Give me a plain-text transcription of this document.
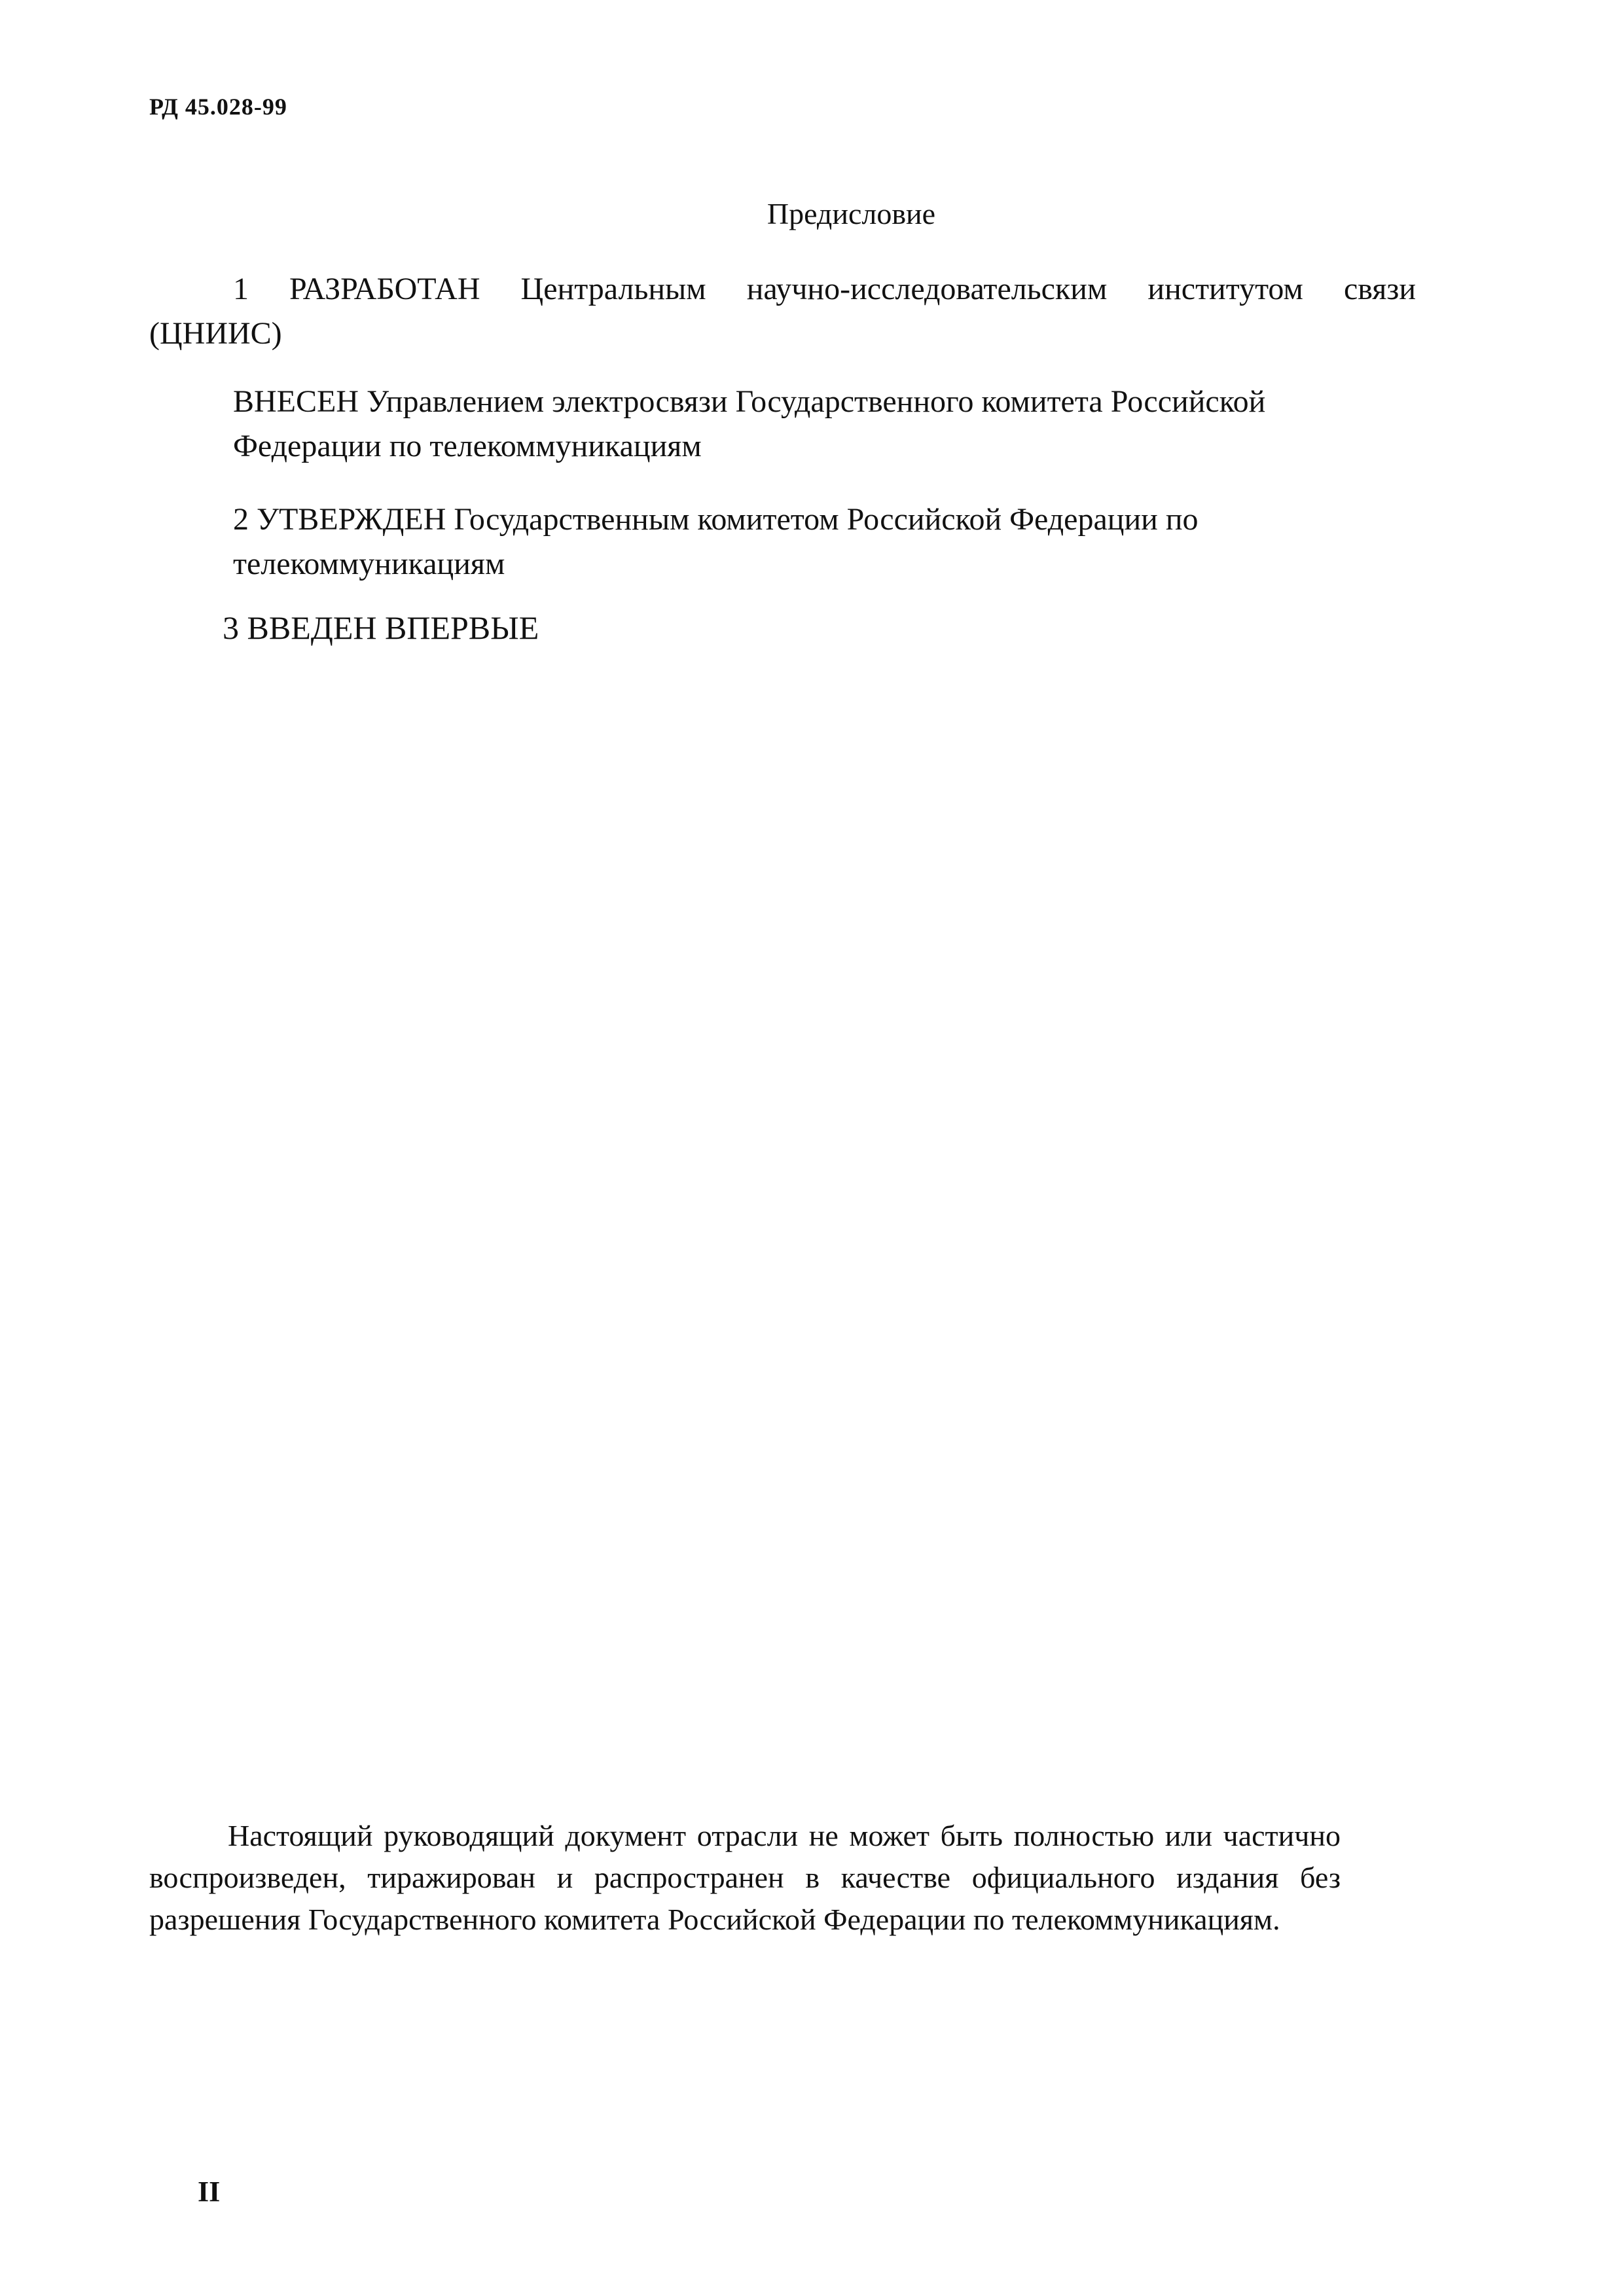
РД 45.028-99
Предисловие
1 РАЗРАБОТАН Центральным научно-исследовательским институтом связи
(ЦНИИС)
ВНЕСЕН Управлением электросвязи Государственного комитета Российской Федерации по телекоммуникациям
2 УТВЕРЖДЕН Государственным комитетом Российской Федерации по телекоммуникациям
3 ВВЕДЕН ВПЕРВЫЕ
Настоящий руководящий документ отрасли не может быть полностью или частично воспроизведен, тиражирован и распространен в качестве официального издания без разрешения Государственного комитета Российской Федерации по телекоммуникациям.
II
